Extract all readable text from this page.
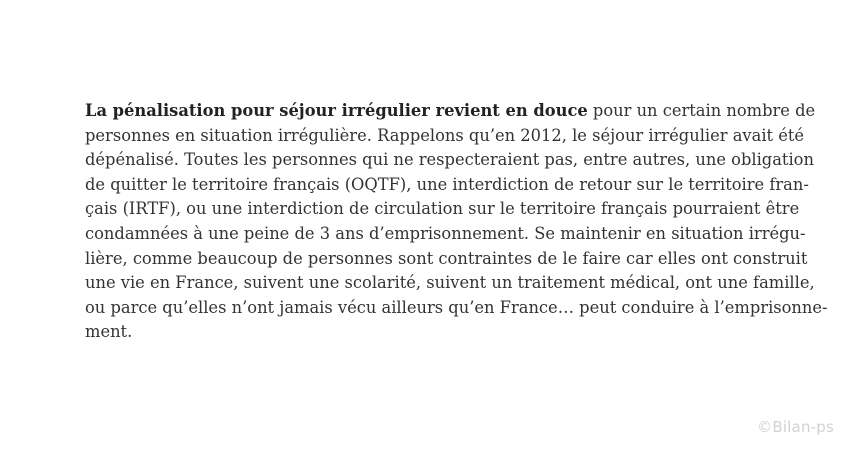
La pénalisation pour séjour irrégulier revient en douce pour un certain nombre de
personnes en situation irrégulière. Rappelons qu’en 2012, le séjour irrégulier avait été
dépénalisé. Toutes les personnes qui ne respecteraient pas, entre autres, une obligation
de quitter le territoire français (OQTF), une interdiction de retour sur le territoire fran-
çais (IRTF), ou une interdiction de circulation sur le territoire français pourraient être
condamnées à une peine de 3 ans d’emprisonnement. Se maintenir en situation irrégu-
lière, comme beaucoup de personnes sont contraintes de le faire car elles ont construit
une vie en France, suivent une scolarité, suivent un traitement médical, ont une famille,
ou parce qu’elles n’ont jamais vécu ailleurs qu’en France… peut conduire à l’emprisonne-
ment.
©Bilan-ps
